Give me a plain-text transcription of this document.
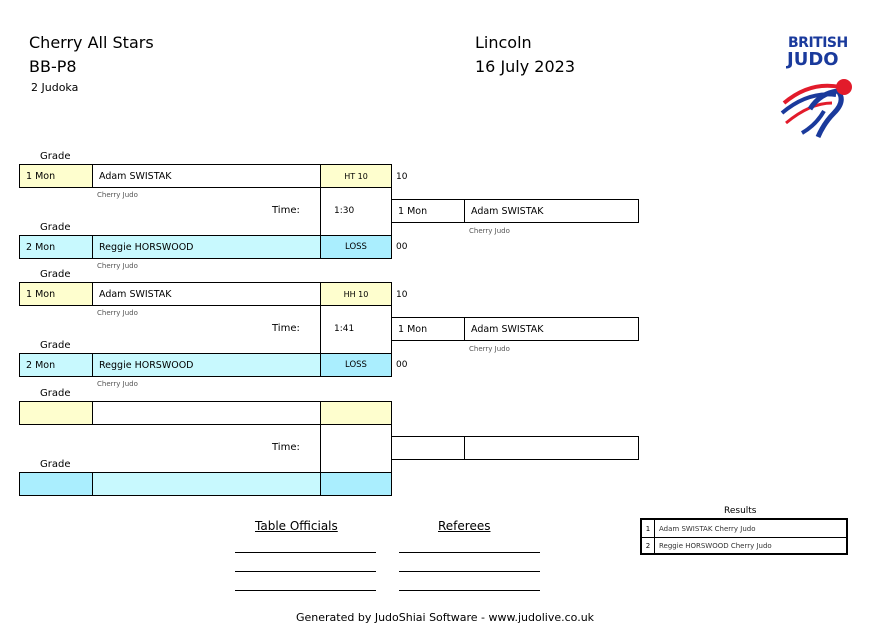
Cherry All Stars
BB-P8
2 Judoka
Lincoln
16 July 2023
BRITISH
JUDO
Grade
1 Mon	Adam SWISTAK	HT 10	10
Cherry Judo
Time:	1:30	1 Mon	Adam SWISTAK
Cherry Judo
Grade
2 Mon	Reggie HORSWOOD	LOSS	00
Cherry Judo
Grade
1 Mon	Adam SWISTAK	HH 10	10
Cherry Judo
Time:	1:41	1 Mon	Adam SWISTAK
Cherry Judo
Grade
2 Mon	Reggie HORSWOOD	LOSS	00
Cherry Judo
Grade
Time:
Grade
Table Officials	Referees
Results
1	Adam SWISTAK Cherry Judo
2	Reggie HORSWOOD Cherry Judo
Generated by JudoShiai Software - www.judolive.co.uk
